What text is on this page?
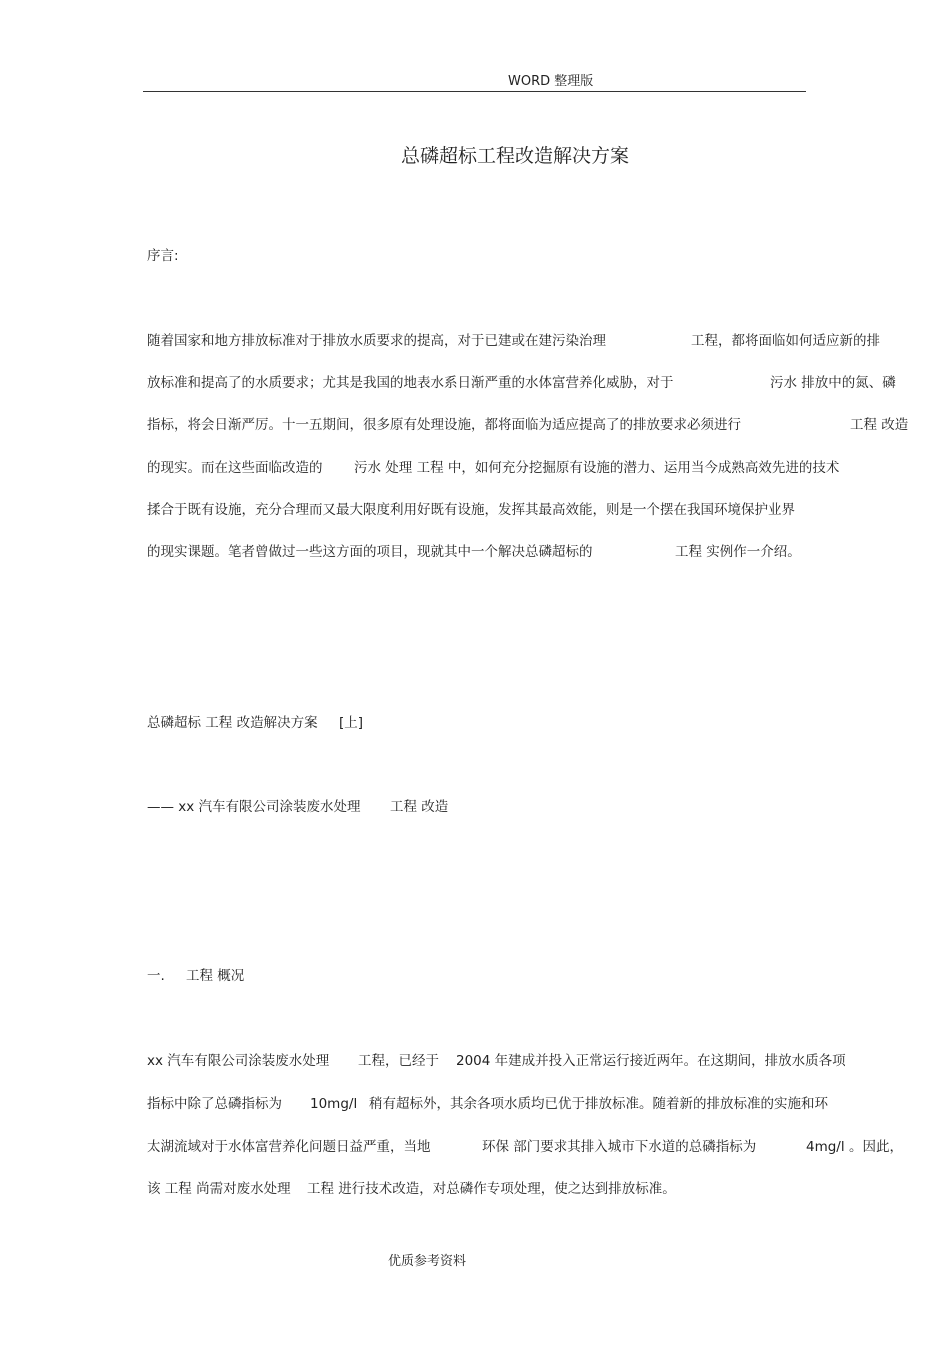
WORD 整理版
总磷超标工程改造解决方案
序言:
随着国家和地方排放标准对于排放水质要求的提高，对于已建或在建污染治理	工程，都将面临如何适应新的排
放标准和提高了的水质要求；尤其是我国的地表水系日渐严重的水体富营养化威胁，对于	污水 排放中的氮、磷
指标，将会日渐严厉。十一五期间，很多原有处理设施，都将面临为适应提高了的排放要求必须进行	工程 改造
的现实。而在这些面临改造的 污水 处理 工程 中，如何充分挖掘原有设施的潜力、运用当今成熟高效先进的技术
揉合于既有设施，充分合理而又最大限度利用好既有设施，发挥其最高效能，则是一个摆在我国环境保护业界
的现实课题。笔者曾做过一些这方面的项目，现就其中一个解决总磷超标的	工程 实例作一介绍。
总磷超标 工程 改造解决方案 [上]
—— xx 汽车有限公司涂装废水处理 工程 改造
一. 工程 概况
xx 汽车有限公司涂装废水处理 工程，已经于 2004 年建成并投入正常运行接近两年。在这期间，排放水质各项
指标中除了总磷指标为 10mg/l 稍有超标外，其余各项水质均已优于排放标准。随着新的排放标准的实施和环
太湖流域对于水体富营养化问题日益严重，当地	环保 部门要求其排入城市下水道的总磷指标为	4mg/l 。因此，
该 工程 尚需对废水处理 工程 进行技术改造，对总磷作专项处理，使之达到排放标准。
优质参考资料
